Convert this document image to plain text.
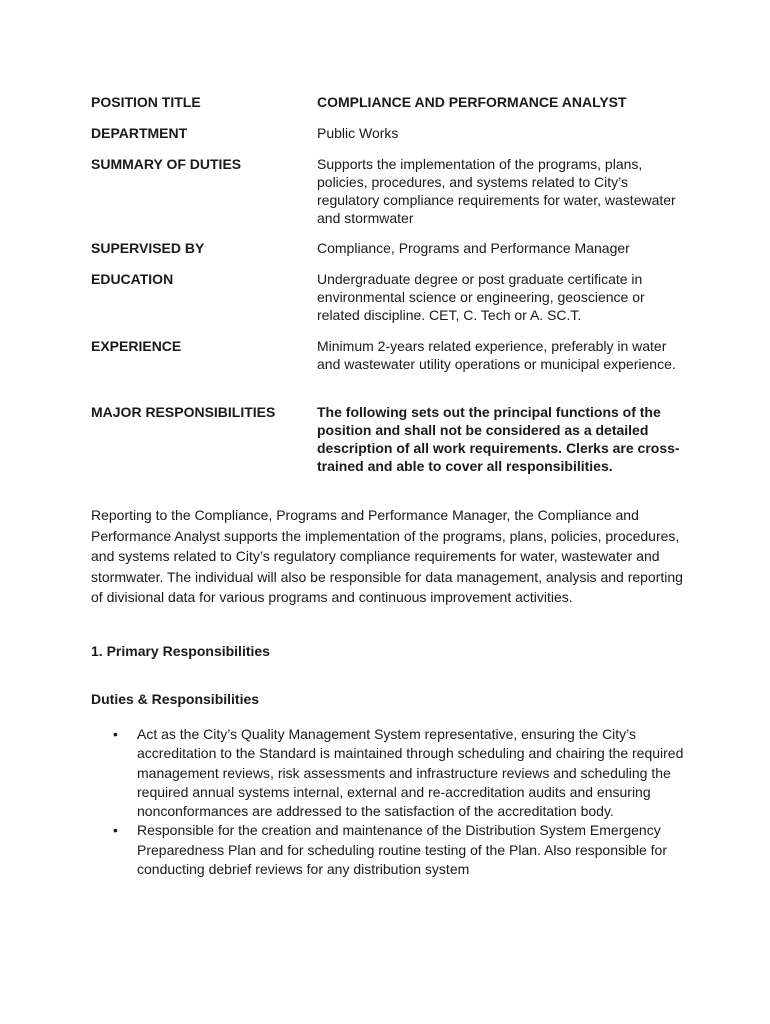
POSITION TITLE	COMPLIANCE AND PERFORMANCE ANALYST
DEPARTMENT	Public Works
SUMMARY OF DUTIES	Supports the implementation of the programs, plans, policies, procedures, and systems related to City’s regulatory compliance requirements for water, wastewater and stormwater
SUPERVISED BY	Compliance, Programs and Performance Manager
EDUCATION	Undergraduate degree or post graduate certificate in environmental science or engineering, geoscience or related discipline. CET, C. Tech or A. SC.T.
EXPERIENCE	Minimum 2-years related experience, preferably in water and wastewater utility operations or municipal experience.
MAJOR RESPONSIBILITIES	The following sets out the principal functions of the position and shall not be considered as a detailed description of all work requirements. Clerks are cross-trained and able to cover all responsibilities.

Reporting to the Compliance, Programs and Performance Manager, the Compliance and Performance Analyst supports the implementation of the programs, plans, policies, procedures, and systems related to City’s regulatory compliance requirements for water, wastewater and stormwater. The individual will also be responsible for data management, analysis and reporting of divisional data for various programs and continuous improvement activities.

1. Primary Responsibilities
Duties & Responsibilities
• Act as the City’s Quality Management System representative, ensuring the City’s accreditation to the Standard is maintained through scheduling and chairing the required management reviews, risk assessments and infrastructure reviews and scheduling the required annual systems internal, external and re-accreditation audits and ensuring nonconformances are addressed to the satisfaction of the accreditation body.
• Responsible for the creation and maintenance of the Distribution System Emergency Preparedness Plan and for scheduling routine testing of the Plan. Also responsible for conducting debrief reviews for any distribution system
